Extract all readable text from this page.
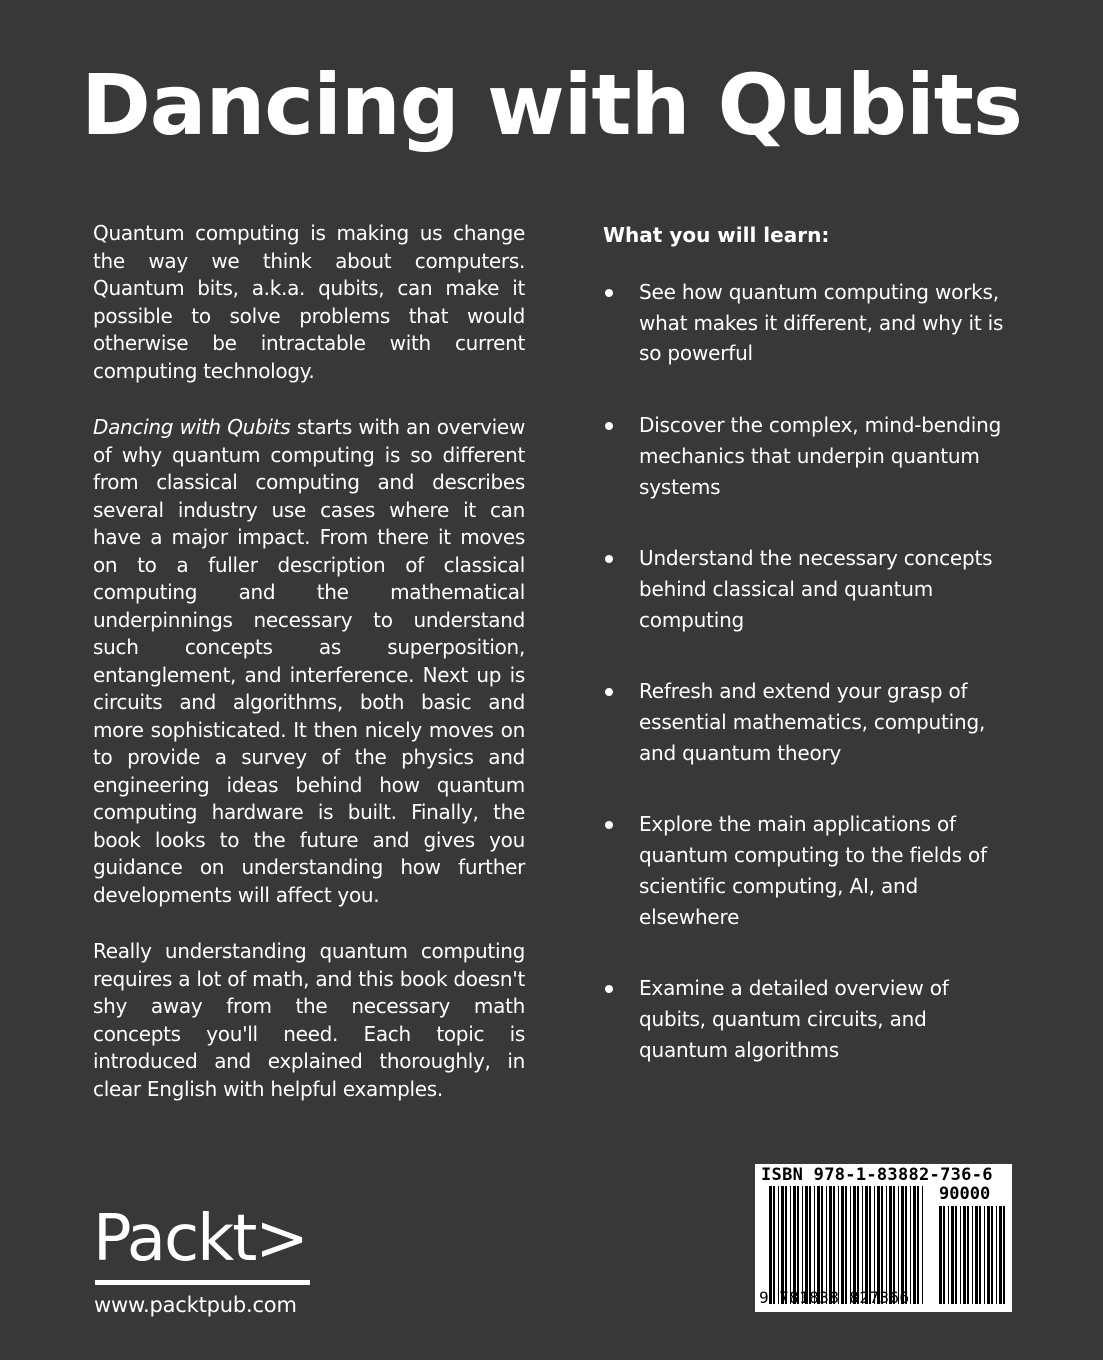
Dancing with Qubits

Quantum computing is making us change the way we think about computers. Quantum bits, a.k.a. qubits, can make it possible to solve problems that would otherwise be intractable with current computing technology.

Dancing with Qubits starts with an overview of why quantum computing is so different from classical computing and describes several industry use cases where it can have a major impact. From there it moves on to a fuller description of classical computing and the mathematical underpinnings necessary to understand such concepts as superposition, entanglement, and interference. Next up is circuits and algorithms, both basic and more sophisticated. It then nicely moves on to provide a survey of the physics and engineering ideas behind how quantum computing hardware is built. Finally, the book looks to the future and gives you guidance on understanding how further developments will affect you.

Really understanding quantum computing requires a lot of math, and this book doesn't shy away from the necessary math concepts you'll need. Each topic is introduced and explained thoroughly, in clear English with helpful examples.

What you will learn:
See how quantum computing works, what makes it different, and why it is so powerful
Discover the complex, mind-bending mechanics that underpin quantum systems
Understand the necessary concepts behind classical and quantum computing
Refresh and extend your grasp of essential mathematics, computing, and quantum theory
Explore the main applications of quantum computing to the fields of scientific computing, AI, and elsewhere
Examine a detailed overview of qubits, quantum circuits, and quantum algorithms
Packt>
www.packtpub.com
ISBN 978-1-83882-736-6
90000
9 781838 827366
